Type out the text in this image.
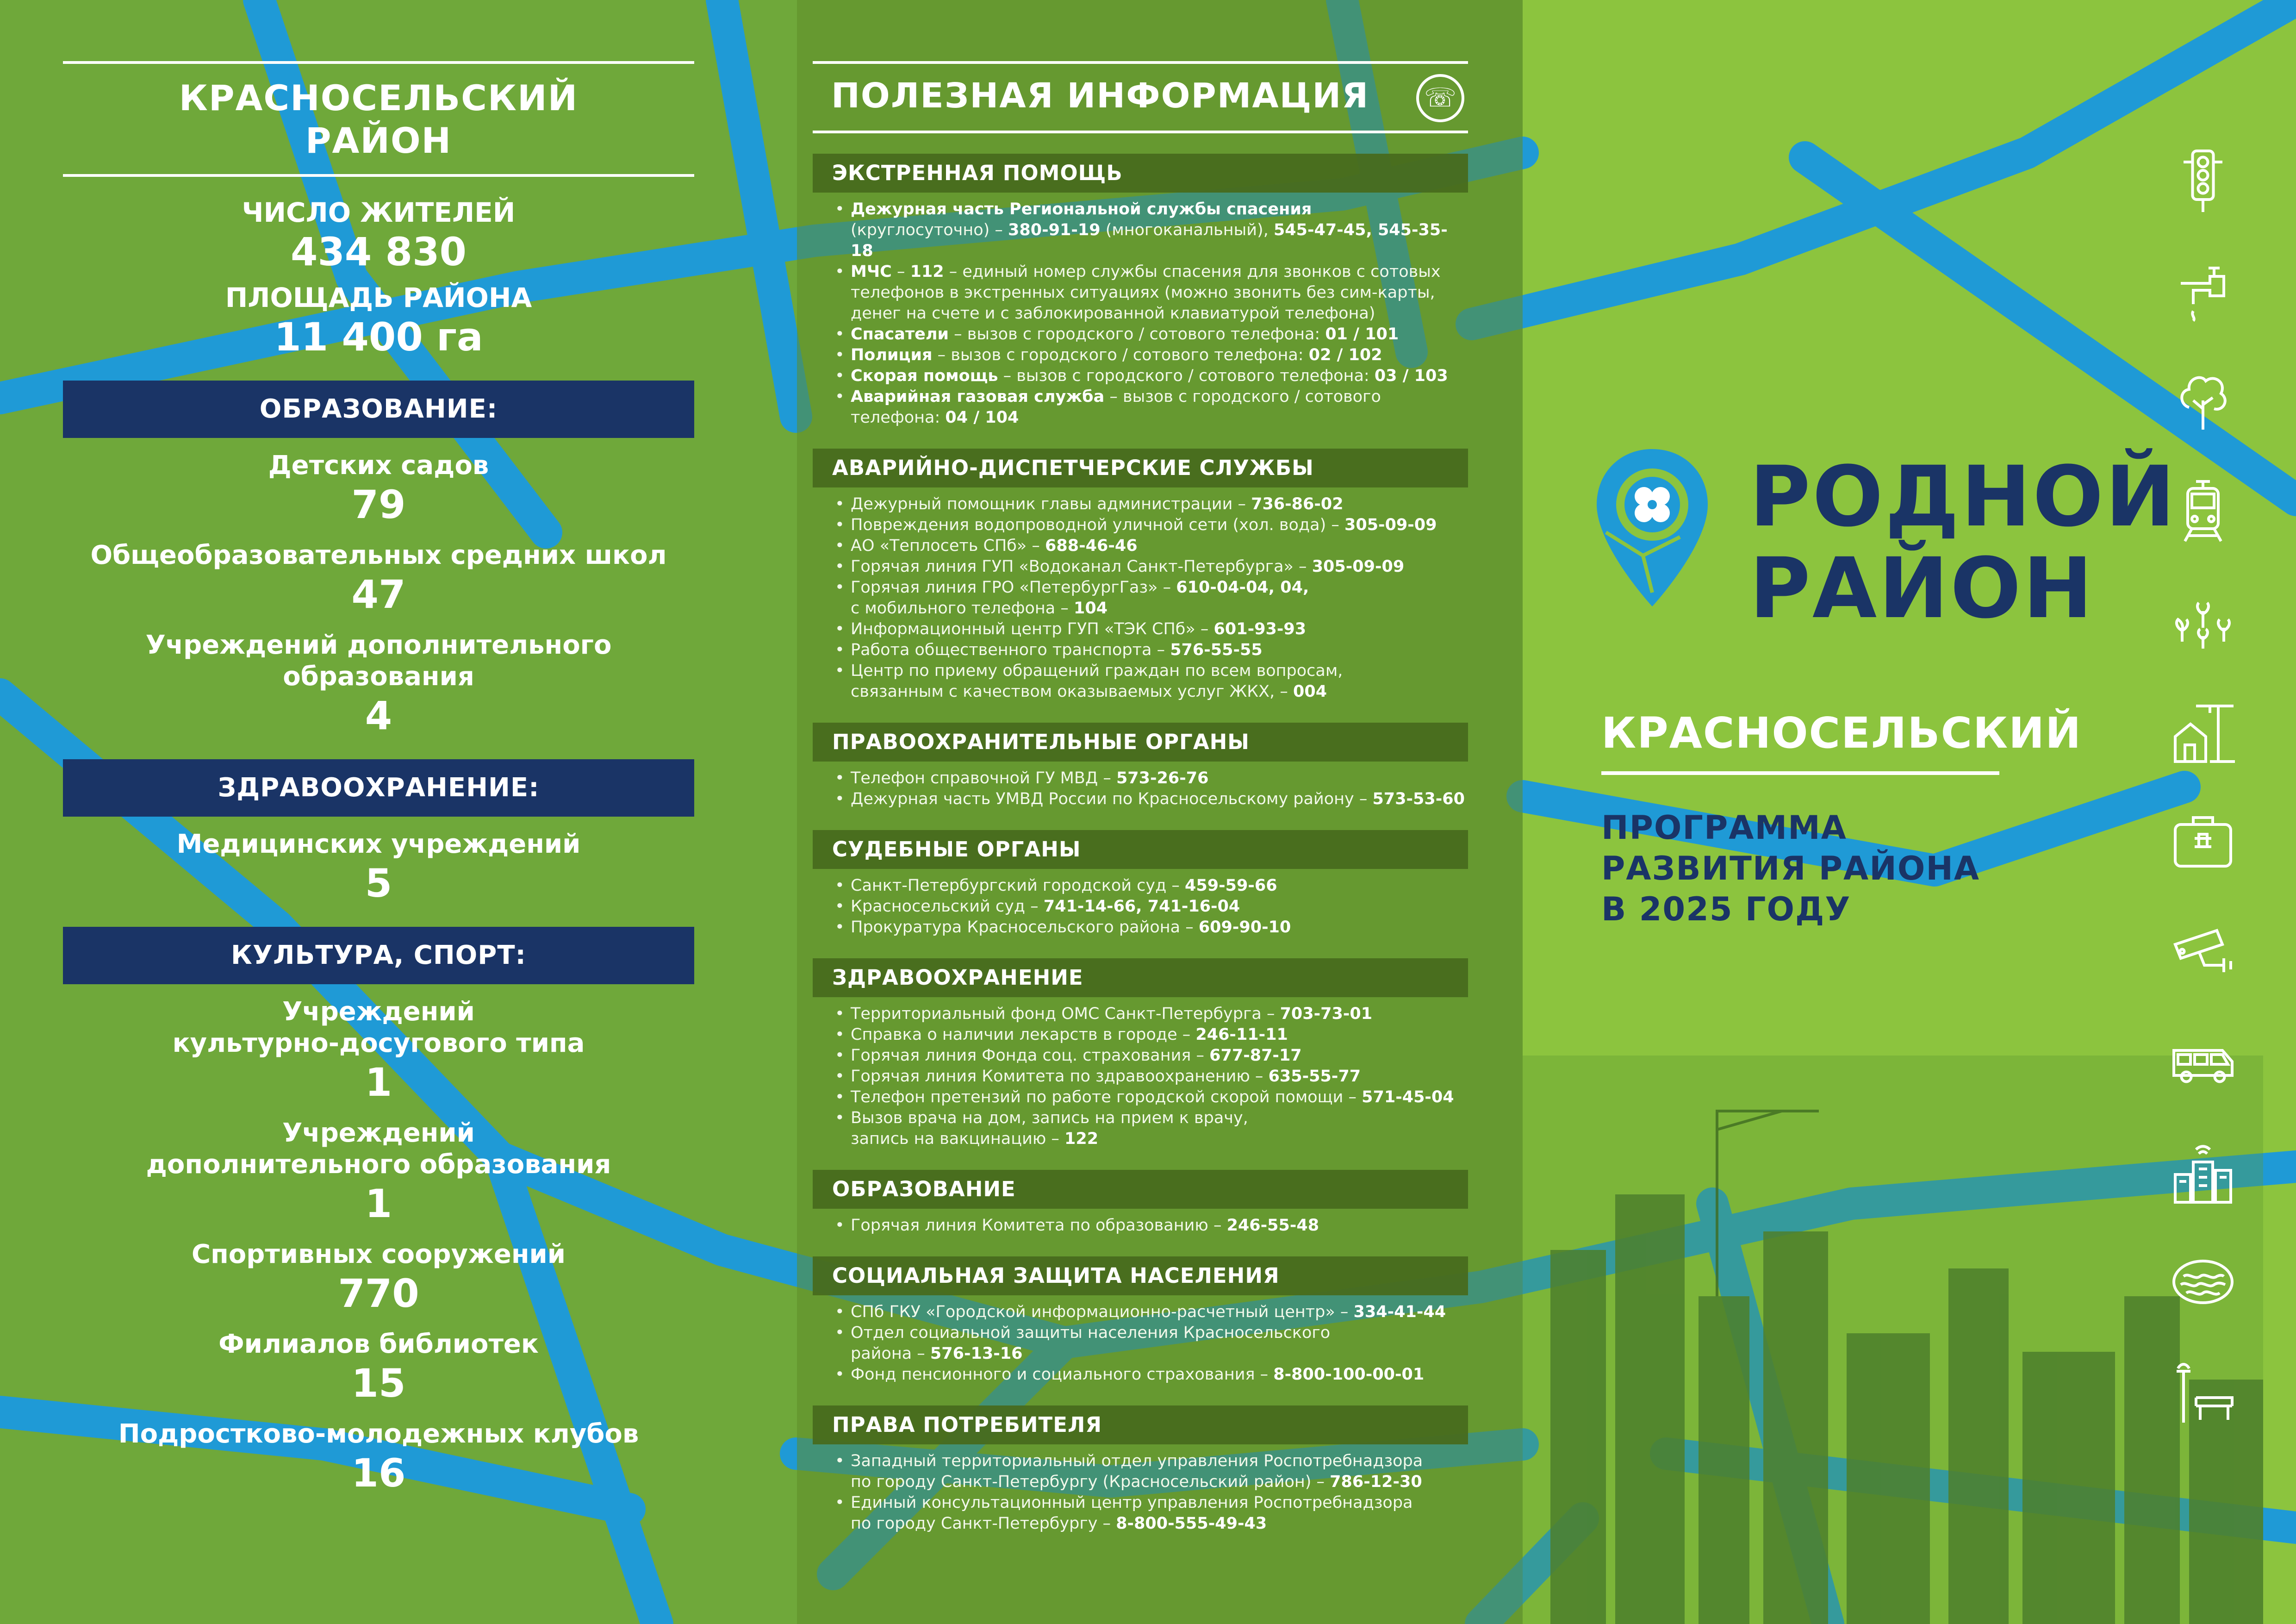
ПОЛЕЗНАЯ ИНФОРМАЦИЯ	☏
ЭКСТРЕННАЯ ПОМОЩЬ
• Дежурная часть Региональной службы спасения
(круглосуточно) – 380-91-19 (многоканальный), 545-47-45, 545-35-18
• МЧС – 112 – единый номер службы спасения для звонков с сотовых
телефонов в экстренных ситуациях (можно звонить без сим-карты,
денег на счете и с заблокированной клавиатурой телефона)
• Спасатели – вызов с городского / сотового телефона: 01 / 101
• Полиция – вызов с городского / сотового телефона: 02 / 102
• Скорая помощь – вызов с городского / сотового телефона: 03 / 103
• Аварийная газовая служба – вызов с городского / сотового
телефона: 04 / 104
АВАРИЙНО-ДИСПЕТЧЕРСКИЕ СЛУЖБЫ
• Дежурный помощник главы администрации – 736-86-02
• Повреждения водопроводной уличной сети (хол. вода) – 305-09-09
• АО «Теплосеть СПб» – 688-46-46
• Горячая линия ГУП «Водоканал Санкт-Петербурга» – 305-09-09
• Горячая линия ГРО «ПетербургГаз» – 610-04-04, 04,
с мобильного телефона – 104
• Информационный центр ГУП «ТЭК СПб» – 601-93-93
• Работа общественного транспорта – 576-55-55
• Центр по приему обращений граждан по всем вопросам,
связанным с качеством оказываемых услуг ЖКХ, – 004
ПРАВООХРАНИТЕЛЬНЫЕ ОРГАНЫ
• Телефон справочной ГУ МВД – 573-26-76
• Дежурная часть УМВД России по Красносельскому району – 573-53-60
СУДЕБНЫЕ ОРГАНЫ
• Санкт-Петербургский городской суд – 459-59-66
• Красносельский суд – 741-14-66, 741-16-04
• Прокуратура Красносельского района – 609-90-10
ЗДРАВООХРАНЕНИЕ
• Территориальный фонд ОМС Санкт-Петербурга – 703-73-01
• Справка о наличии лекарств в городе – 246-11-11
• Горячая линия Фонда соц. страхования – 677-87-17
• Горячая линия Комитета по здравоохранению – 635-55-77
• Телефон претензий по работе городской скорой помощи – 571-45-04
• Вызов врача на дом, запись на прием к врачу,
запись на вакцинацию – 122
ОБРАЗОВАНИЕ
• Горячая линия Комитета по образованию – 246-55-48
СОЦИАЛЬНАЯ ЗАЩИТА НАСЕЛЕНИЯ
• СПб ГКУ «Городской информационно-расчетный центр» – 334-41-44
• Отдел социальной защиты населения Красносельского
района – 576-13-16
• Фонд пенсионного и социального страхования – 8-800-100-00-01
ПРАВА ПОТРЕБИТЕЛЯ
• Западный территориальный отдел управления Роспотребнадзора
по городу Санкт-Петербургу (Красносельский район) – 786-12-30
• Единый консультационный центр управления Роспотребнадзора
по городу Санкт-Петербургу – 8-800-555-49-43
КРАСНОСЕЛЬСКИЙ
РАЙОН
ЧИСЛО ЖИТЕЛЕЙ
434 830
ПЛОЩАДЬ РАЙОНА
11 400 га
ОБРАЗОВАНИЕ:
Детских садов
79
Общеобразовательных средних школ
47
Учреждений дополнительного
образования
4
ЗДРАВООХРАНЕНИЕ:
Медицинских учреждений
5
КУЛЬТУРА, СПОРТ:
Учреждений
культурно-досугового типа
1
Учреждений
дополнительного образования
1
Спортивных сооружений
770
Филиалов библиотек
15
Подростково-молодежных клубов
16
РОДНОЙ
РАЙОН
КРАСНОСЕЛЬСКИЙ
ПРОГРАММА
РАЗВИТИЯ РАЙОНА
В 2025 ГОДУ
